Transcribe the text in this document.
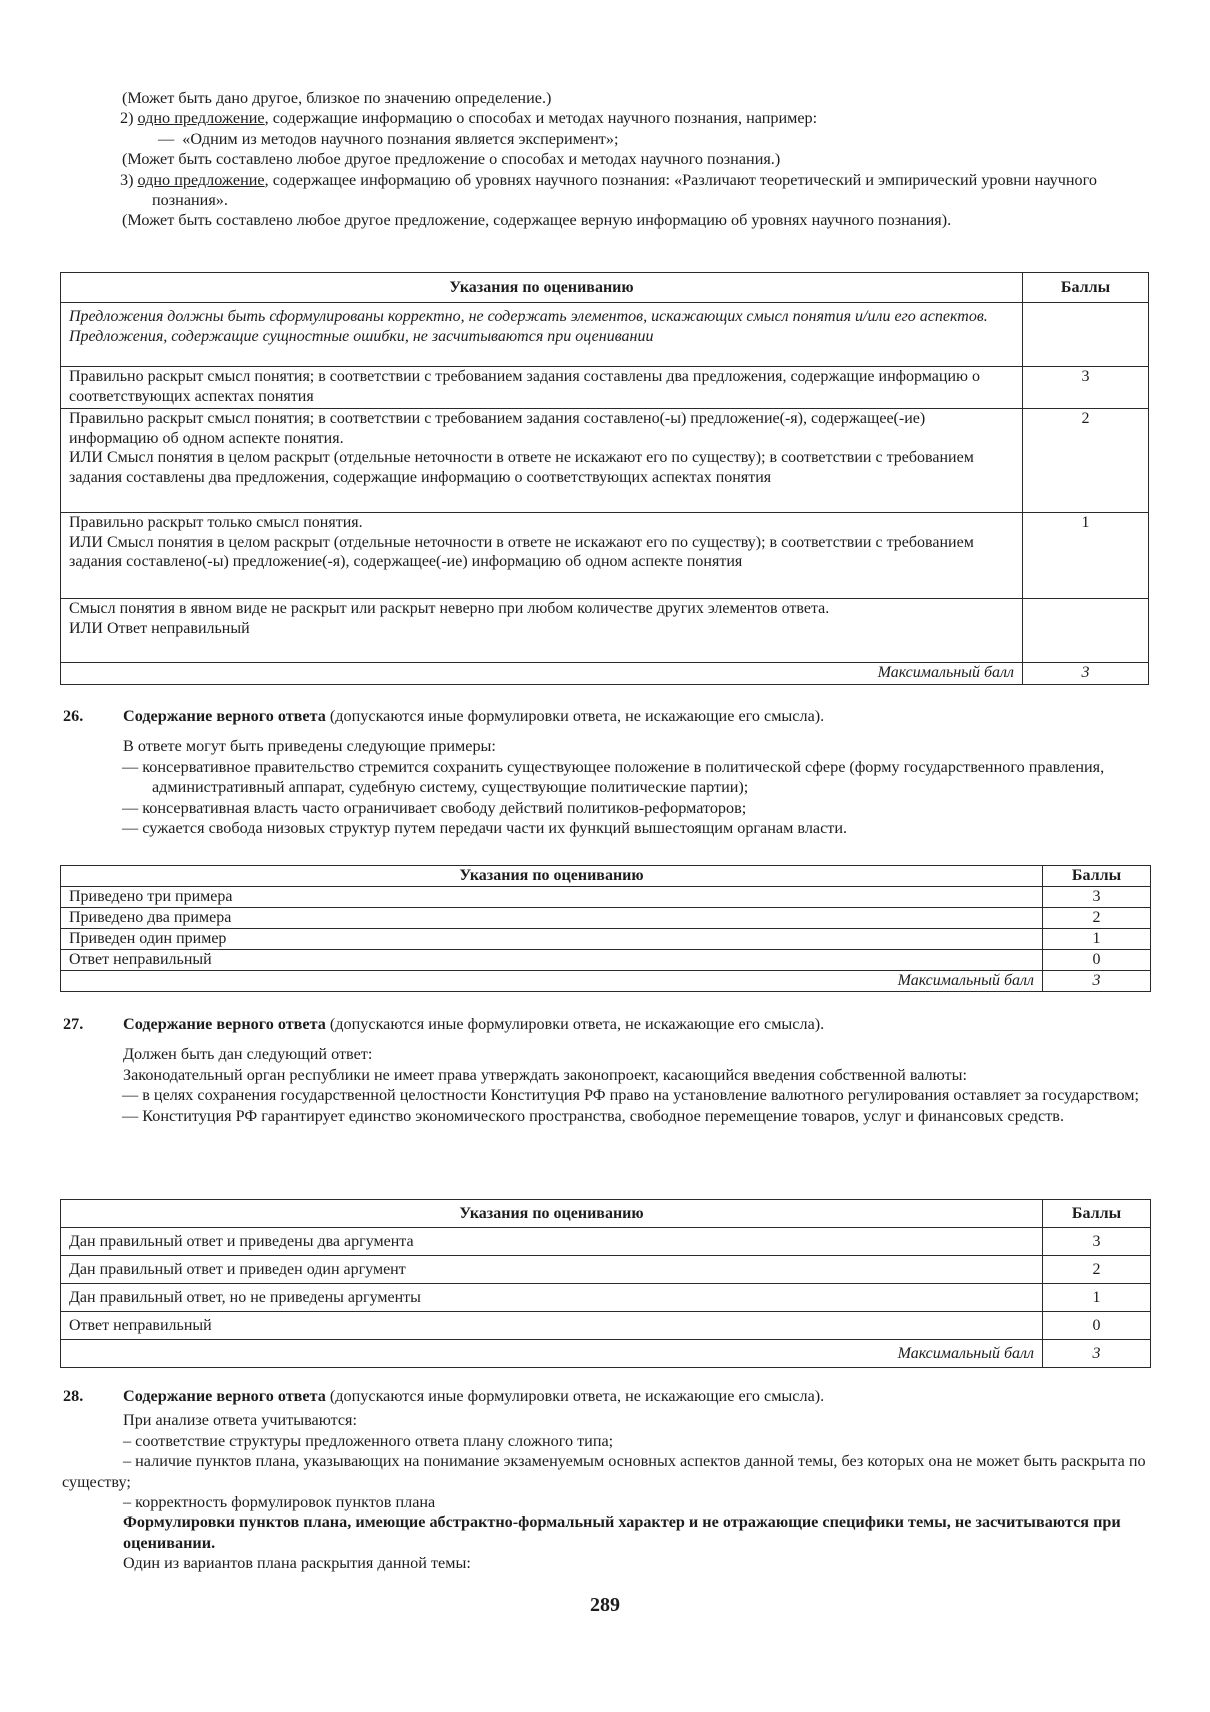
(Может быть дано другое, близкое по значению определение.)

2) одно предложение, содержащие информацию о способах и методах научного познания, например:

—  «Одним из методов научного познания является эксперимент»;

(Может быть составлено любое другое предложение о способах и методах научного познания.)

3) одно предложение, содержащее информацию об уровнях научного познания: «Различают теоретический и эмпирический уровни научного познания».

(Может быть составлено любое другое предложение, содержащее верную информацию об уровнях научного познания).

Указания по оцениванию	Баллы

Предложения должны быть сформулированы корректно, не содержать элементов, искажающих смысл понятия и/или его аспектов.
Предложения, содержащие сущностные ошибки, не засчитываются при оценивании	

Правильно раскрыт смысл понятия; в соответствии с требованием задания составлены два предложения, содержащие информацию о соответствующих аспектах понятия	3

Правильно раскрыт смысл понятия; в соответствии с требованием задания составлено(-ы) предложение(-я), содержащее(-ие) информацию об одном аспекте понятия.
ИЛИ Смысл понятия в целом раскрыт (отдельные неточности в ответе не искажают его по существу); в соответствии с требованием задания составлены два предложения, содержащие информацию о соответствующих аспектах понятия	2

Правильно раскрыт только смысл понятия.
ИЛИ Смысл понятия в целом раскрыт (отдельные неточности в ответе не искажают его по существу); в соответствии с требованием задания составлено(-ы) предложение(-я), содержащее(-ие) информацию об одном аспекте понятия	1

Смысл понятия в явном виде не раскрыт или раскрыт неверно при любом количестве других элементов ответа.
ИЛИ Ответ неправильный	

Максимальный балл	3

26. Содержание верного ответа (допускаются иные формулировки ответа, не искажающие его смысла).

В ответе могут быть приведены следующие примеры:

— консервативное правительство стремится сохранить существующее положение в политической сфере (форму государственного правления, административный аппарат, судебную систему, существующие политические партии);

— консервативная власть часто ограничивает свободу действий политиков-реформаторов;

— сужается свобода низовых структур путем передачи части их функций вышестоящим органам власти.

Указания по оцениванию	Баллы
Приведено три примера	3
Приведено два примера	2
Приведен один пример	1
Ответ неправильный	0
Максимальный балл	3

27. Содержание верного ответа (допускаются иные формулировки ответа, не искажающие его смысла).

Должен быть дан следующий ответ:

Законодательный орган республики не имеет права утверждать законопроект, касающийся введения собственной валюты:

— в целях сохранения государственной целостности Конституция РФ право на установление валютного регулирования оставляет за государством;

— Конституция РФ гарантирует единство экономического пространства, свободное перемещение товаров, услуг и финансовых средств.

Указания по оцениванию	Баллы
Дан правильный ответ и приведены два аргумента	3
Дан правильный ответ и приведен один аргумент	2
Дан правильный ответ, но не приведены аргументы	1
Ответ неправильный	0
Максимальный балл	3

28. Содержание верного ответа (допускаются иные формулировки ответа, не искажающие его смысла).

При анализе ответа учитываются:

– соответствие структуры предложенного ответа плану сложного типа;

– наличие пунктов плана, указывающих на понимание экзаменуемым основных аспектов данной темы, без которых она не может быть раскрыта по существу;

– корректность формулировок пунктов плана

Формулировки пунктов плана, имеющие абстрактно-формальный характер и не отражающие специфики темы, не засчитываются при оценивании.

Один из вариантов плана раскрытия данной темы:

289
